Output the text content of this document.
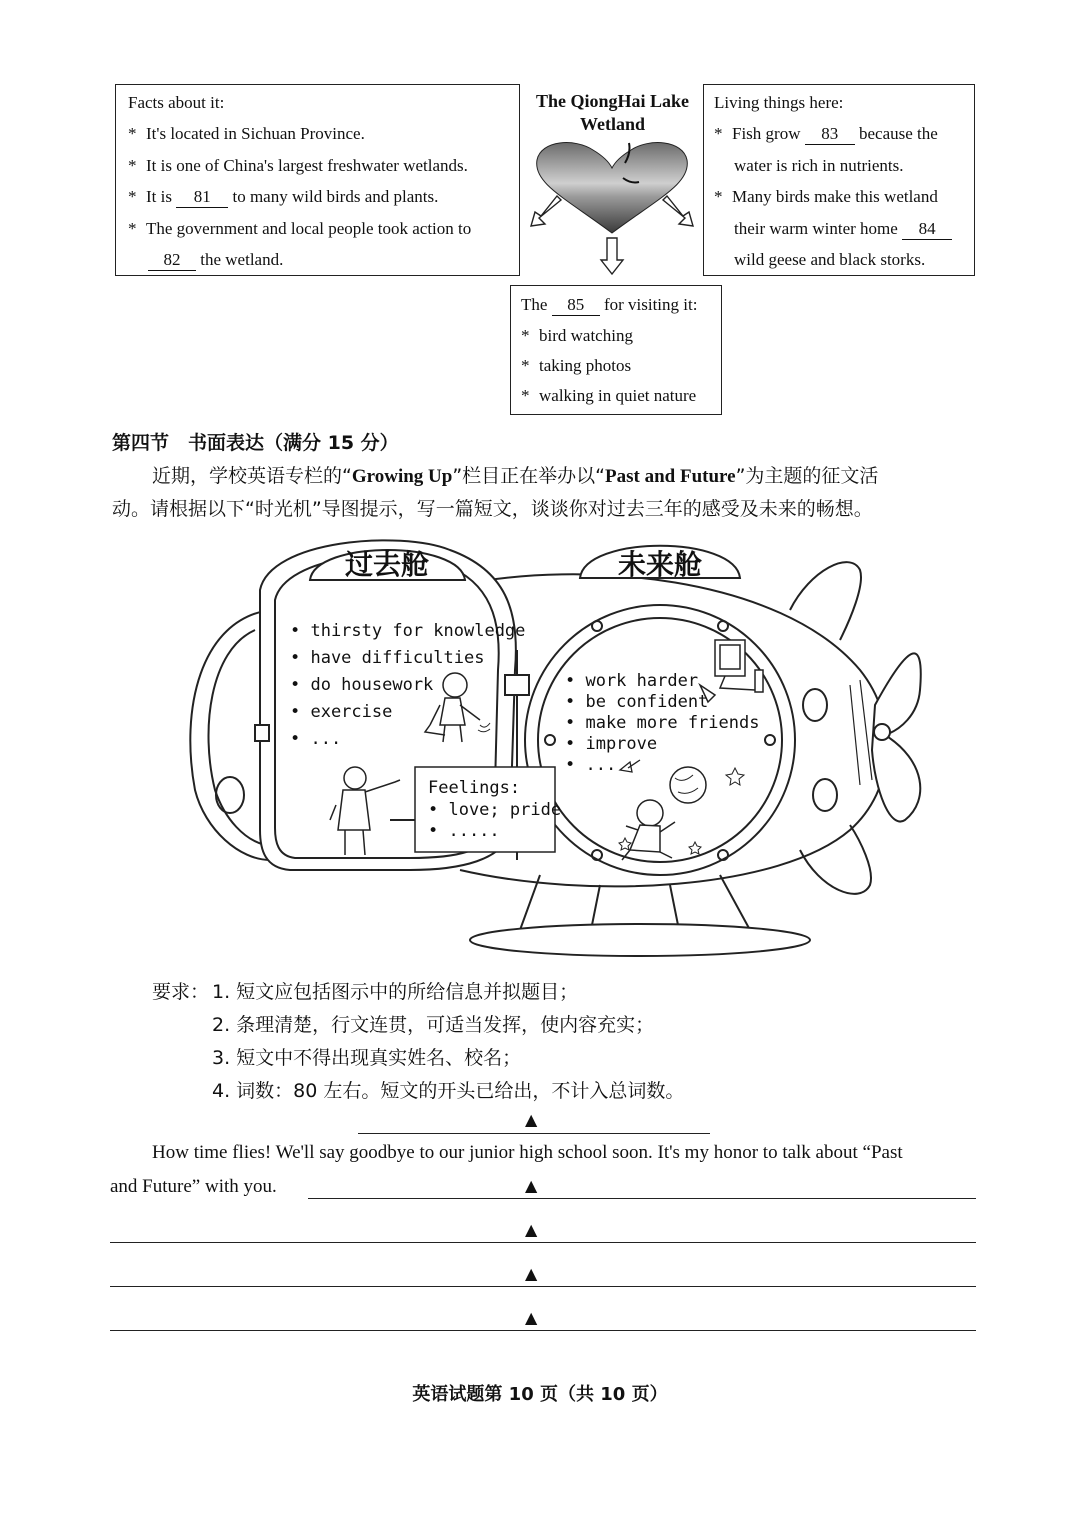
Facts about it:
* It's located in Sichuan Province.
* It is one of China's largest freshwater wetlands.
* It is 81 to many wild birds and plants.
* The government and local people took action to
82 the wetland.
The QiongHai Lake
Wetland
Living things here:
* Fish grow 83 because the
water is rich in nutrients.
* Many birds make this wetland
their warm winter home 84
wild geese and black storks.
The 85 for visiting it:
* bird watching
* taking photos
* walking in quiet nature
第四节　书面表达（满分 15 分）
近期，学校英语专栏的“Growing Up”栏目正在举办以“Past and Future”为主题的征文活
动。请根据以下“时光机”导图提示，写一篇短文，谈谈你对过去三年的感受及未来的畅想。
过去舱	未来舱
• thirsty for knowledge
• have difficulties
• do housework
• exercise
• ...
• work harder
• be confident
• make more friends
• improve
• ...
Feelings:
• love; pride
• .....
要求： 1. 短文应包括图示中的所给信息并拟题目；
2. 条理清楚，行文连贯，可适当发挥，使内容充实；
3. 短文中不得出现真实姓名、校名；
4. 词数：80 左右。短文的开头已给出，不计入总词数。
▲
How time flies! We'll say goodbye to our junior high school soon. It's my honor to talk about “Past
and Future” with you.	▲
▲
▲
▲
英语试题第 10 页（共 10 页）
